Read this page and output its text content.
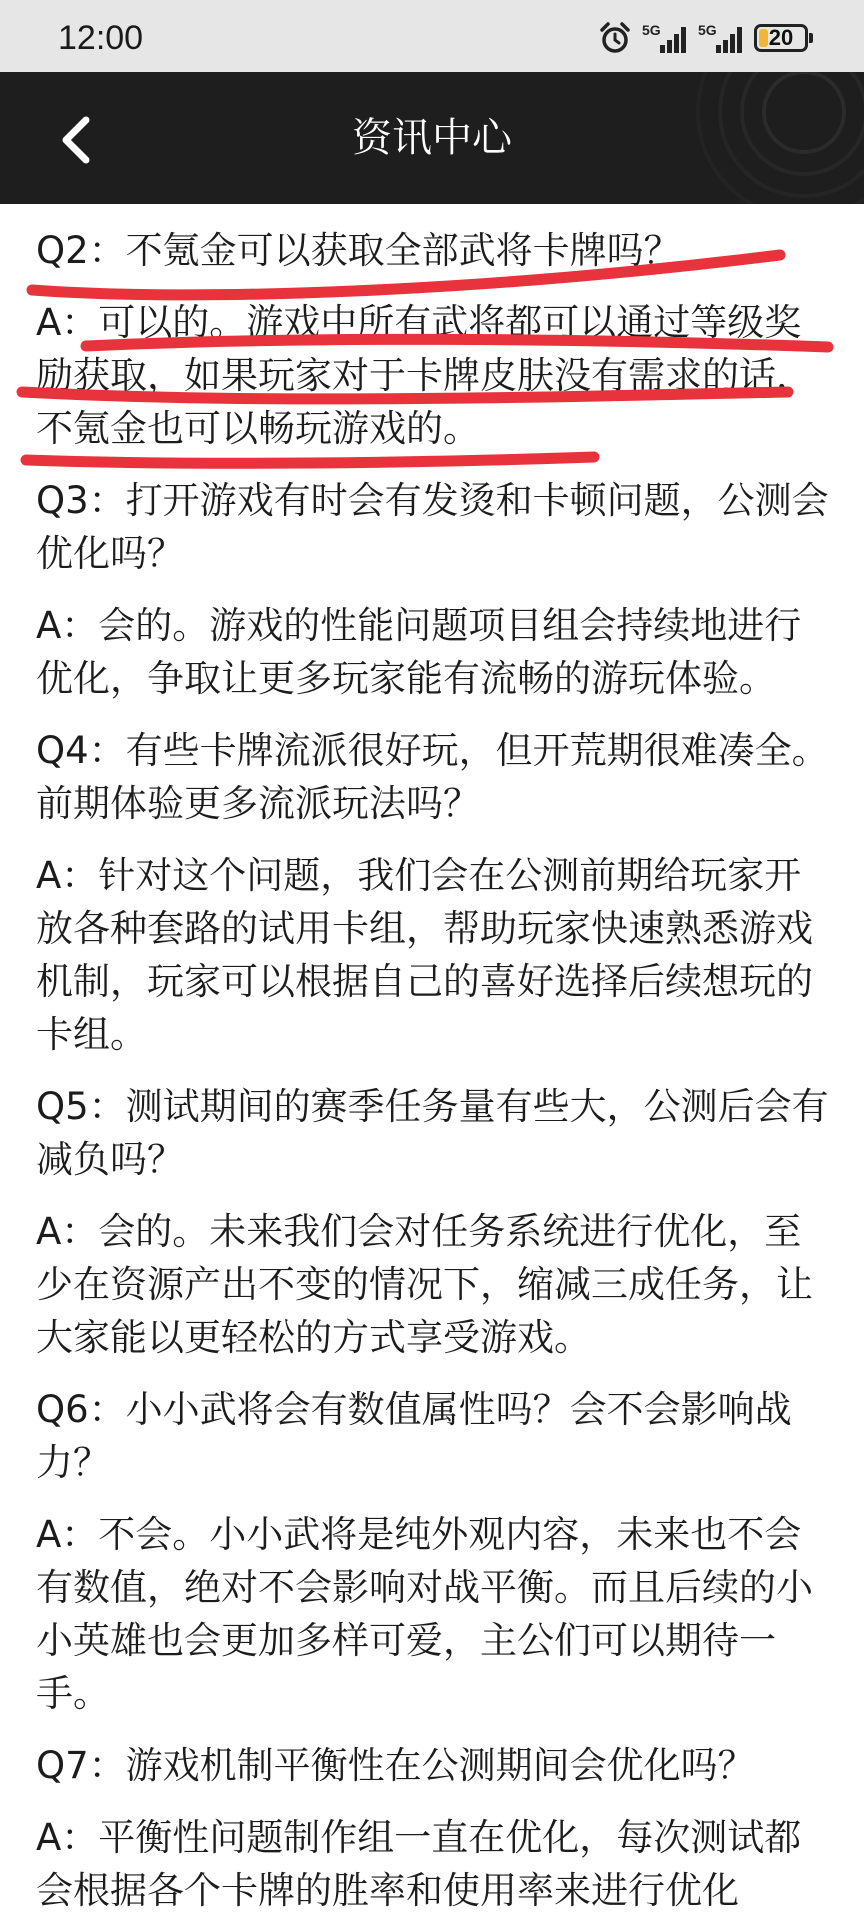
12:00	5G	5G 20
资讯中心

Q2：不氪金可以获取全部武将卡牌吗？

A：可以的。游戏中所有武将都可以通过等级奖励获取，如果玩家对于卡牌皮肤没有需求的话，不氪金也可以畅玩游戏的。

Q3：打开游戏有时会有发烫和卡顿问题，公测会优化吗？

A：会的。游戏的性能问题项目组会持续地进行优化，争取让更多玩家能有流畅的游玩体验。

Q4：有些卡牌流派很好玩，但开荒期很难凑全。前期体验更多流派玩法吗？

A：针对这个问题，我们会在公测前期给玩家开放各种套路的试用卡组，帮助玩家快速熟悉游戏机制，玩家可以根据自己的喜好选择后续想玩的卡组。

Q5：测试期间的赛季任务量有些大，公测后会有减负吗？

A：会的。未来我们会对任务系统进行优化，至少在资源产出不变的情况下，缩减三成任务，让大家能以更轻松的方式享受游戏。

Q6：小小武将会有数值属性吗？会不会影响战力？

A：不会。小小武将是纯外观内容，未来也不会有数值，绝对不会影响对战平衡。而且后续的小小英雄也会更加多样可爱，主公们可以期待一手。

Q7：游戏机制平衡性在公测期间会优化吗？

A：平衡性问题制作组一直在优化，每次测试都会根据各个卡牌的胜率和使用率来进行优化
